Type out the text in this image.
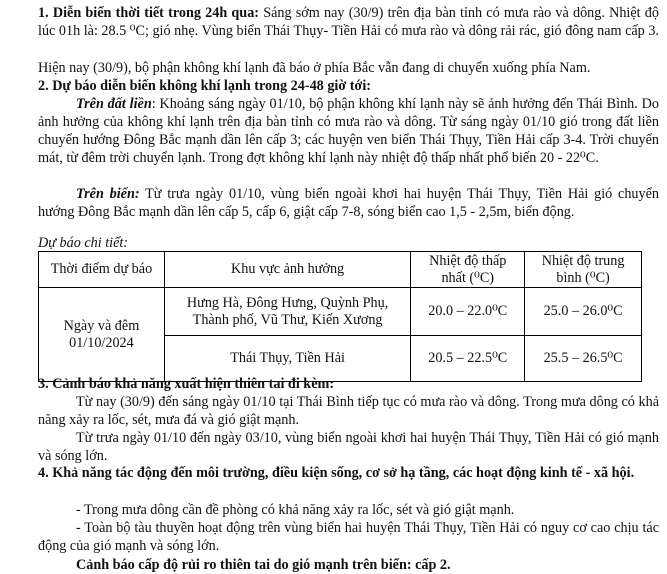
1. Diễn biến thời tiết trong 24h qua: Sáng sớm nay (30/9) trên địa bàn tỉnh có mưa rào và dông. Nhiệt độ lúc 01h là: 28.5 ⁰C; gió nhẹ. Vùng biển Thái Thụy- Tiền Hải có mưa rào và dông rải rác, gió đông nam cấp 3.
Hiện nay (30/9), bộ phận không khí lạnh đã báo ở phía Bắc vẫn đang di chuyển xuống phía Nam.
2. Dự báo diễn biến không khí lạnh trong 24-48 giờ tới:
Trên đất liền: Khoảng sáng ngày 01/10, bộ phận không khí lạnh này sẽ ảnh hưởng đến Thái Bình. Do ảnh hưởng của không khí lạnh trên địa bàn tỉnh có mưa rào và dông. Từ sáng ngày 01/10 gió trong đất liền chuyển hướng Đông Bắc mạnh dần lên cấp 3; các huyện ven biển Thái Thụy, Tiền Hải cấp 3-4. Trời chuyển mát, từ đêm trời chuyển lạnh. Trong đợt không khí lạnh này nhiệt độ thấp nhất phổ biến 20 - 22⁰C.
Trên biển: Từ trưa ngày 01/10, vùng biển ngoài khơi hai huyện Thái Thụy, Tiền Hải gió chuyển hướng Đông Bắc mạnh dần lên cấp 5, cấp 6, giật cấp 7-8, sóng biển cao 1,5 - 2,5m, biển động.
Dự báo chi tiết:
Thời điểm dự báo	Khu vực ảnh hưởng	Nhiệt độ thấp nhất (⁰C)	Nhiệt độ trung bình (⁰C)
Ngày và đêm 01/10/2024	Hưng Hà, Đông Hưng, Quỳnh Phụ, Thành phố, Vũ Thư, Kiến Xương	20.0 – 22.0⁰C	25.0 – 26.0⁰C
	Thái Thụy, Tiền Hải	20.5 – 22.5⁰C	25.5 – 26.5⁰C
3. Cảnh báo khả năng xuất hiện thiên tai đi kèm:
Từ nay (30/9) đến sáng ngày 01/10 tại Thái Bình tiếp tục có mưa rào và dông. Trong mưa dông có khả năng xảy ra lốc, sét, mưa đá và gió giật mạnh.
Từ trưa ngày 01/10 đến ngày 03/10, vùng biển ngoài khơi hai huyện Thái Thụy, Tiền Hải có gió mạnh và sóng lớn.
4. Khả năng tác động đến môi trường, điều kiện sống, cơ sở hạ tầng, các hoạt động kinh tế - xã hội.
- Trong mưa dông cần đề phòng có khả năng xảy ra lốc, sét và gió giật mạnh.
- Toàn bộ tàu thuyền hoạt động trên vùng biển hai huyện Thái Thụy, Tiền Hải có nguy cơ cao chịu tác động của gió mạnh và sóng lớn.
Cảnh báo cấp độ rủi ro thiên tai do gió mạnh trên biển: cấp 2.
